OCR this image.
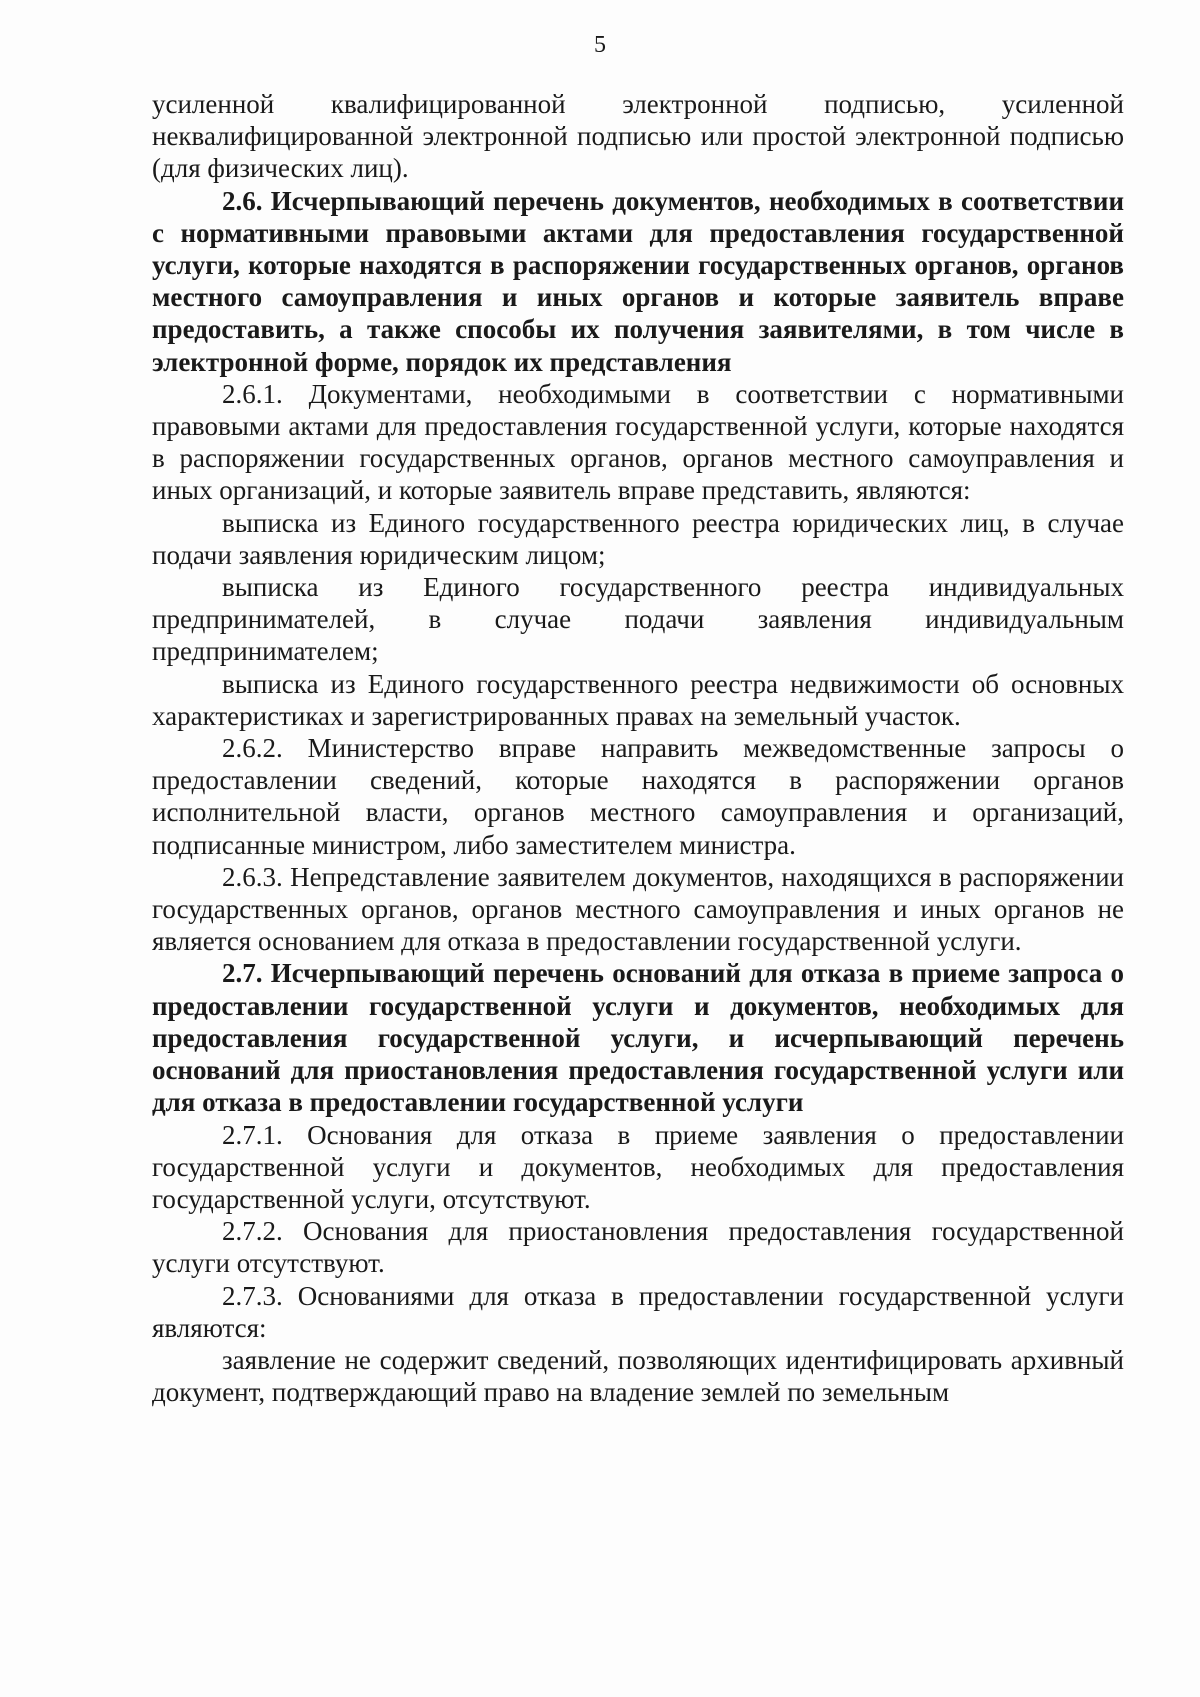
5

усиленной квалифицированной электронной подписью, усиленной неквалифицированной электронной подписью или простой электронной подписью (для физических лиц).

2.6. Исчерпывающий перечень документов, необходимых в соответствии с нормативными правовыми актами для предоставления государственной услуги, которые находятся в распоряжении государственных органов, органов местного самоуправления и иных органов и которые заявитель вправе предоставить, а также способы их получения заявителями, в том числе в электронной форме, порядок их представления

2.6.1. Документами, необходимыми в соответствии с нормативными правовыми актами для предоставления государственной услуги, которые находятся в распоряжении государственных органов, органов местного самоуправления и иных организаций, и которые заявитель вправе представить, являются:

выписка из Единого государственного реестра юридических лиц, в случае подачи заявления юридическим лицом;

выписка из Единого государственного реестра индивидуальных предпринимателей, в случае подачи заявления индивидуальным предпринимателем;

выписка из Единого государственного реестра недвижимости об основных характеристиках и зарегистрированных правах на земельный участок.

2.6.2. Министерство вправе направить межведомственные запросы о предоставлении сведений, которые находятся в распоряжении органов исполнительной власти, органов местного самоуправления и организаций, подписанные министром, либо заместителем министра.

2.6.3. Непредставление заявителем документов, находящихся в распоряжении государственных органов, органов местного самоуправления и иных органов не является основанием для отказа в предоставлении государственной услуги.

2.7. Исчерпывающий перечень оснований для отказа в приеме запроса о предоставлении государственной услуги и документов, необходимых для предоставления государственной услуги, и исчерпывающий перечень оснований для приостановления предоставления государственной услуги или для отказа в предоставлении государственной услуги

2.7.1. Основания для отказа в приеме заявления о предоставлении государственной услуги и документов, необходимых для предоставления государственной услуги, отсутствуют.

2.7.2. Основания для приостановления предоставления государственной услуги отсутствуют.

2.7.3. Основаниями для отказа в предоставлении государственной услуги являются:

заявление не содержит сведений, позволяющих идентифицировать архивный документ, подтверждающий право на владение землей по земельным
